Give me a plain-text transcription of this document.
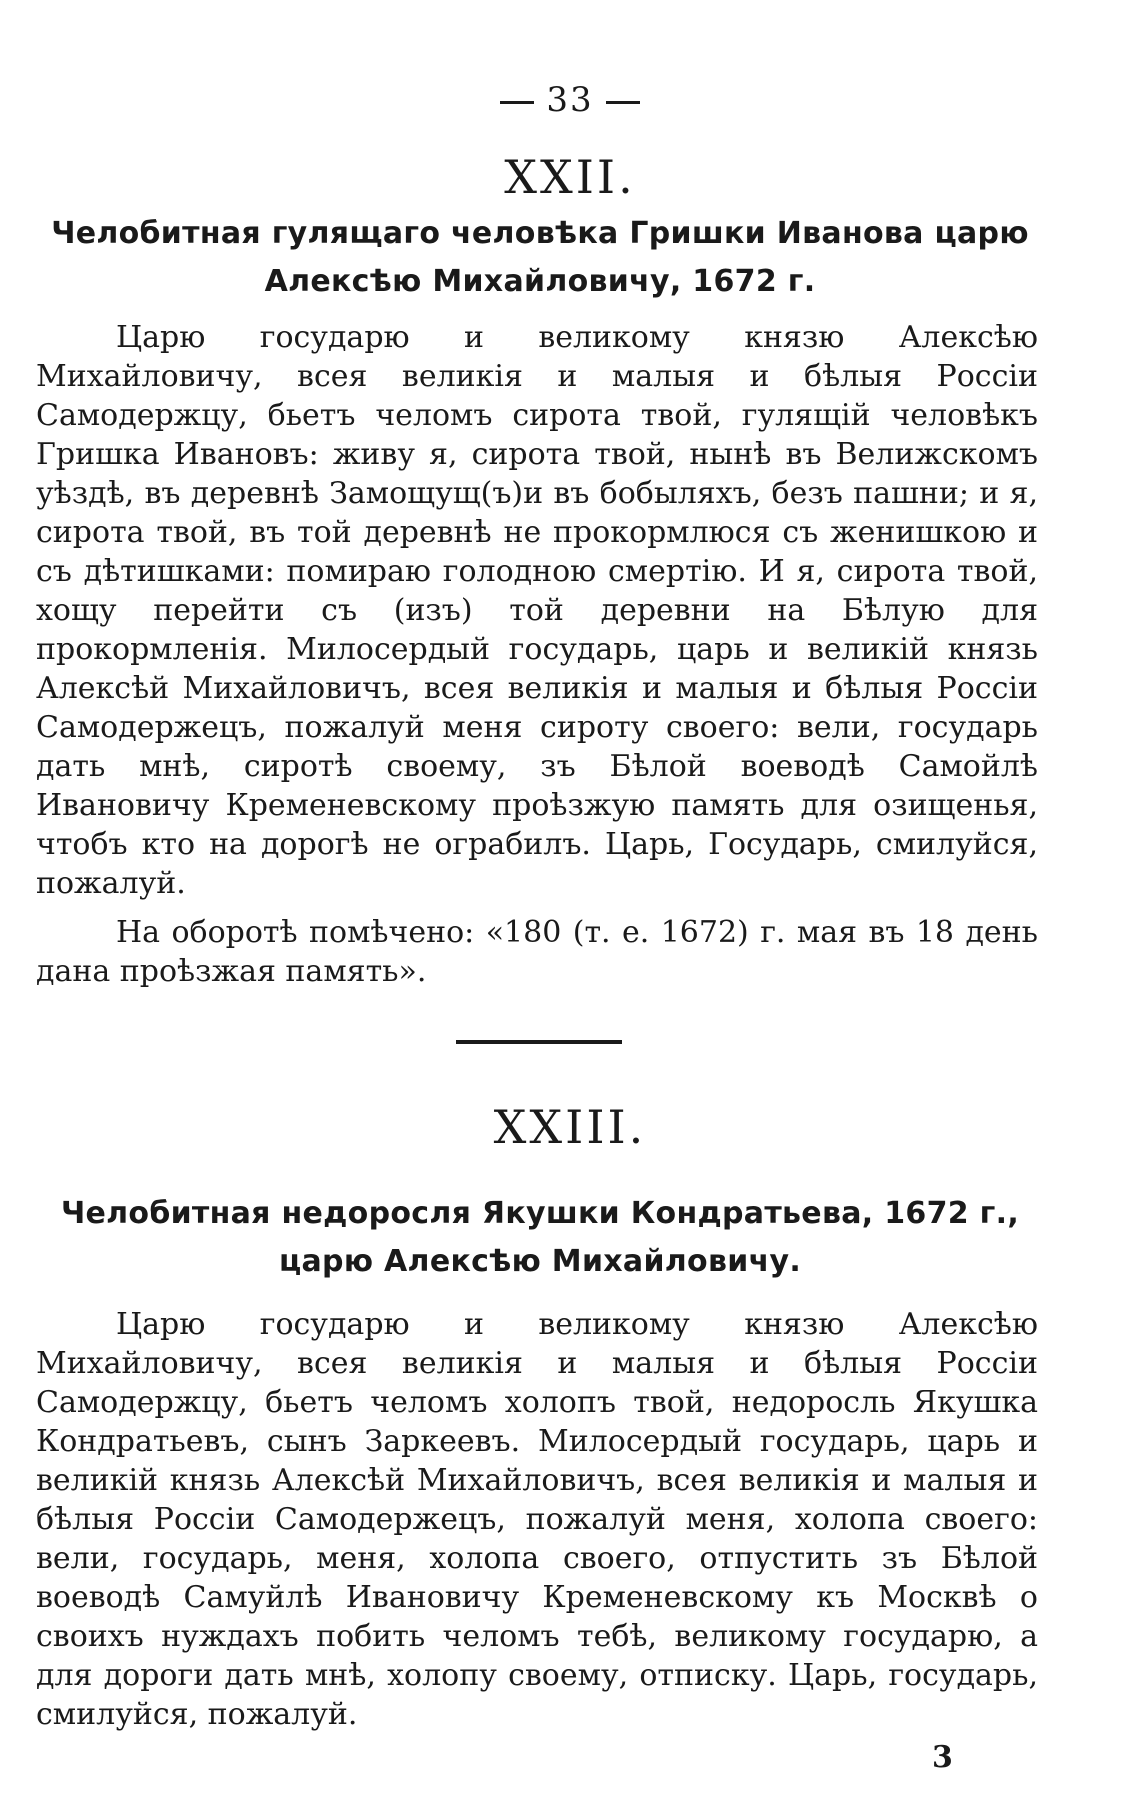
33
XXII.
Челобитная гулящаго человѣка Гришки Иванова царю Алексѣю Михайловичу, 1672 г.

Царю государю и великому князю Алексѣю Михайловичу, всея великія и малыя и бѣлыя Россіи Самодержцу, бьетъ челомъ сирота твой, гулящій человѣкъ Гришка Ивановъ: живу я, сирота твой, нынѣ въ Велижскомъ уѣздѣ, въ деревнѣ Замощущ(ъ)и въ бобыляхъ, безъ пашни; и я, сирота твой, въ той деревнѣ не прокормлюся съ женишкою и съ дѣтишками: помираю голодною смертію. И я, сирота твой, хощу перейти съ (изъ) той деревни на Бѣлую для прокормленія. Милосердый государь, царь и великій князь Алексѣй Михайловичъ, всея великія и малыя и бѣлыя Россіи Самодержецъ, пожалуй меня сироту своего: вели, государь дать мнѣ, сиротѣ своему, зъ Бѣлой воеводѣ Самойлѣ Ивановичу Кременевскому проѣзжую память для озищенья, чтобъ кто на дорогѣ не ограбилъ. Царь, Государь, смилуйся, пожалуй.

На оборотѣ помѣчено: «180 (т. е. 1672) г. мая въ 18 день дана проѣзжая память».

XXIII.
Челобитная недоросля Якушки Кондратьева, 1672 г., царю Алексѣю Михайловичу.

Царю государю и великому князю Алексѣю Михайловичу, всея великія и малыя и бѣлыя Россіи Самодержцу, бьетъ челомъ холопъ твой, недоросль Якушка Кондратьевъ, сынъ Заркеевъ. Милосердый государь, царь и великій князь Алексѣй Михайловичъ, всея великія и малыя и бѣлыя Россіи Самодержецъ, пожалуй меня, холопа своего: вели, государь, меня, холопа своего, отпустить зъ Бѣлой воеводѣ Самуйлѣ Ивановичу Кременевскому къ Москвѣ о своихъ нуждахъ побить челомъ тебѣ, великому государю, а для дороги дать мнѣ, холопу своему, отписку. Царь, государь, смилуйся, пожалуй.

3
